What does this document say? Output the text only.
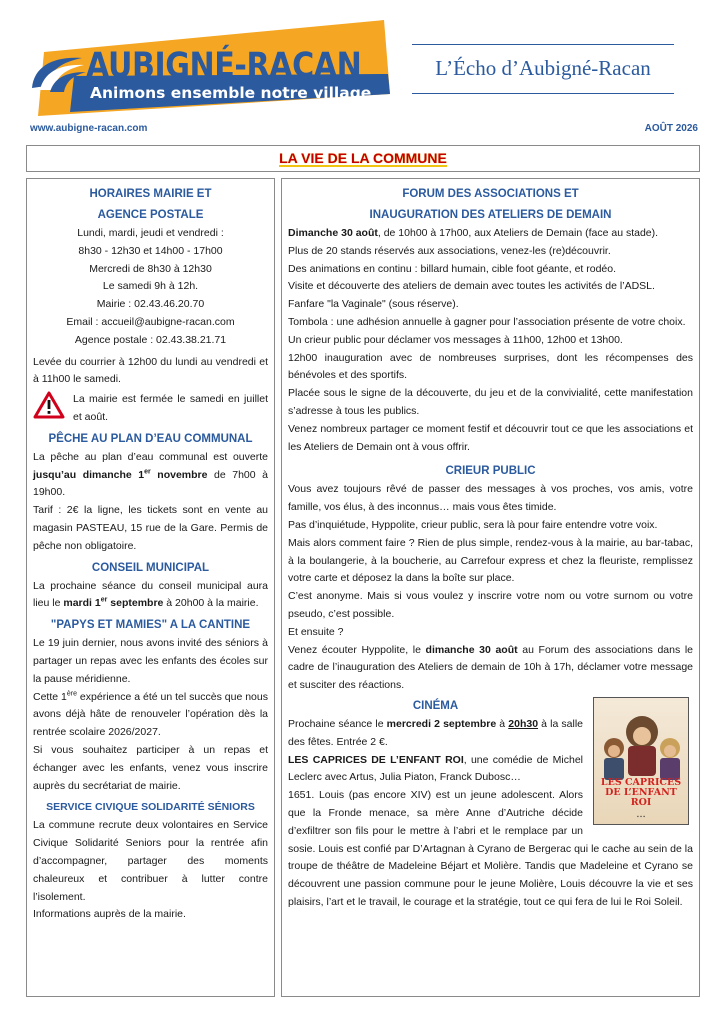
AUBIGNÉ-RACAN
Animons ensemble notre village
L’Écho d’Aubigné-Racan
www.aubigne-racan.com	AOÛT 2026
LA VIE DE LA COMMUNE
HORAIRES MAIRIE ET
AGENCE POSTALE
Lundi, mardi, jeudi et vendredi :
8h30 - 12h30 et 14h00 - 17h00
Mercredi de 8h30 à 12h30
Le samedi 9h à 12h.
Mairie : 02.43.46.20.70
Email : accueil@aubigne-racan.com
Agence postale : 02.43.38.21.71

Levée du courrier à 12h00 du lundi au vendredi et à 11h00 le samedi.

La mairie est fermée le samedi en juillet et août.

PÊCHE AU PLAN D’EAU COMMUNAL

La pêche au plan d’eau communal est ouverte jusqu’au dimanche 1er novembre de 7h00 à 19h00.

Tarif : 2€ la ligne, les tickets sont en vente au magasin PASTEAU, 15 rue de la Gare. Permis de pêche non obligatoire.

CONSEIL MUNICIPAL

La prochaine séance du conseil municipal aura lieu le mardi 1er septembre à 20h00 à la mairie.

"PAPYS ET MAMIES" A LA CANTINE

Le 19 juin dernier, nous avons invité des séniors à partager un repas avec les enfants des écoles sur la pause méridienne.

Cette 1ère expérience a été un tel succès que nous avons déjà hâte de renouveler l’opération dès la rentrée scolaire 2026/2027.

Si vous souhaitez participer à un repas et échanger avec les enfants, venez vous inscrire auprès du secrétariat de mairie.

SERVICE CIVIQUE SOLIDARITÉ SÉNIORS

La commune recrute deux volontaires en Service Civique Solidarité Seniors pour la rentrée afin d’accompagner, partager des moments chaleureux et contribuer à lutter contre l’isolement.

Informations auprès de la mairie.

FORUM DES ASSOCIATIONS ET
INAUGURATION DES ATELIERS DE DEMAIN

Dimanche 30 août, de 10h00 à 17h00, aux Ateliers de Demain (face au stade).

Plus de 20 stands réservés aux associations, venez-les (re)découvrir.

Des animations en continu : billard humain, cible foot géante, et rodéo.

Visite et découverte des ateliers de demain avec toutes les activités de l’ADSL.

Fanfare "la Vaginale" (sous réserve).

Tombola : une adhésion annuelle à gagner pour l’association présente de votre choix.

Un crieur public pour déclamer vos messages à 11h00, 12h00 et 13h00.

12h00 inauguration avec de nombreuses surprises, dont les récompenses des bénévoles et des sportifs.

Placée sous le signe de la découverte, du jeu et de la convivialité, cette manifestation s’adresse à tous les publics.

Venez nombreux partager ce moment festif et découvrir tout ce que les associations et les Ateliers de Demain ont à vous offrir.

CRIEUR PUBLIC

Vous avez toujours rêvé de passer des messages à vos proches, vos amis, votre famille, vos élus, à des inconnus… mais vous êtes timide.

Pas d’inquiétude, Hyppolite, crieur public, sera là pour faire entendre votre voix.

Mais alors comment faire ? Rien de plus simple, rendez-vous à la mairie, au bar-tabac, à la boulangerie, à la boucherie, au Carrefour express et chez la fleuriste, remplissez votre carte et déposez la dans la boîte sur place.

C’est anonyme. Mais si vous voulez y inscrire votre nom ou votre surnom ou votre pseudo, c’est possible.

Et ensuite ?

Venez écouter Hyppolite, le dimanche 30 août au Forum des associations dans le cadre de l’inauguration des Ateliers de demain de 10h à 17h, déclamer votre message et susciter des réactions.

LES CAPRICES DE L’ENFANT ROI
▪ ▪ ▪
CINÉMA

Prochaine séance le mercredi 2 septembre à 20h30 à la salle des fêtes. Entrée 2 €.

LES CAPRICES DE L’ENFANT ROI, une comédie de Michel Leclerc avec Artus, Julia Piaton, Franck Dubosc…

1651. Louis (pas encore XIV) est un jeune adolescent. Alors que la Fronde menace, sa mère Anne d’Autriche décide d’exfiltrer son fils pour le mettre à l’abri et le remplace par un sosie. Louis est confié par D’Artagnan à Cyrano de Bergerac qui le cache au sein de la troupe de théâtre de Madeleine Béjart et Molière. Tandis que Madeleine et Cyrano se découvrent une passion commune pour le jeune Molière, Louis découvre la vie et ses plaisirs, l’art et le travail, le courage et la stratégie, tout ce qui fera de lui le Roi Soleil.
